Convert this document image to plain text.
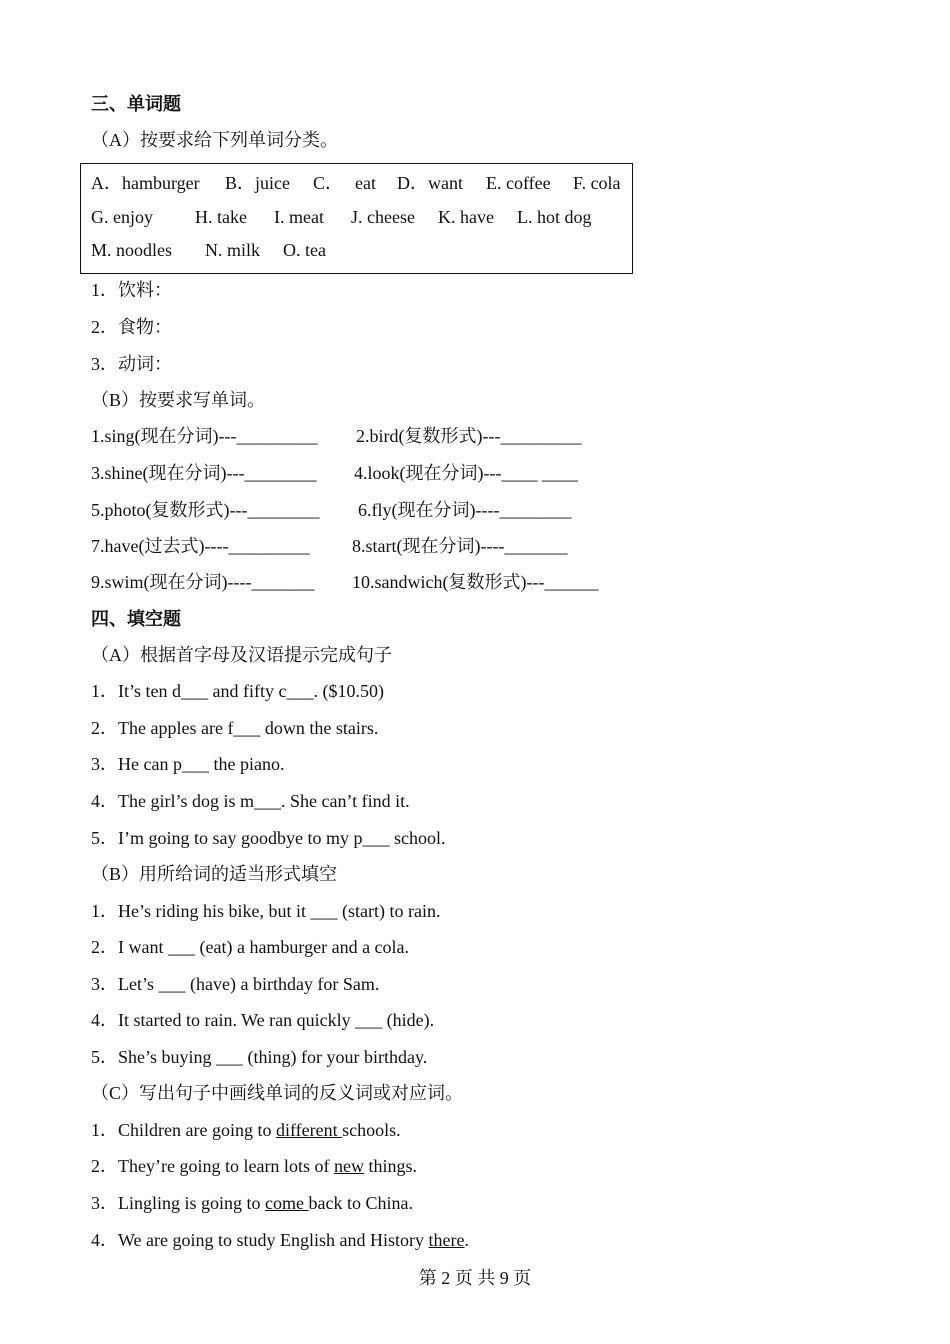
三、单词题
（A）按要求给下列单词分类。

A．hamburger

B．juice

C．

eat

D．want

E. coffee

F. cola

G. enjoy

H. take

I. meat

J. cheese

K. have

L. hot dog

M. noodles

N. milk

O. tea

1．饮料：
2．食物：
3．动词：
（B）按要求写单词。
1.sing(现在分词)---_________ 2.bird(复数形式)---_________
3.shine(现在分词)---________ 4.look(现在分词)---____ ____
5.photo(复数形式)---________ 6.fly(现在分词)----________
7.have(过去式)----_________ 8.start(现在分词)----_______
9.swim(现在分词)----_______ 10.sandwich(复数形式)---______
四、填空题
（A）根据首字母及汉语提示完成句子
1．It’s ten d___ and fifty c___. ($10.50)
2．The apples are f___ down the stairs.
3．He can p___ the piano.
4．The girl’s dog is m___. She can’t find it.
5．I’m going to say goodbye to my p___ school.
（B）用所给词的适当形式填空
1．He’s riding his bike, but it ___ (start) to rain.
2．I want ___ (eat) a hamburger and a cola.
3．Let’s ___ (have) a birthday for Sam.
4．It started to rain. We ran quickly ___ (hide).
5．She’s buying ___ (thing) for your birthday.
（C）写出句子中画线单词的反义词或对应词。
1．Children are going to different schools.
2．They’re going to learn lots of new things.
3．Lingling is going to come back to China.
4．We are going to study English and History there.
第 2 页 共 9 页
